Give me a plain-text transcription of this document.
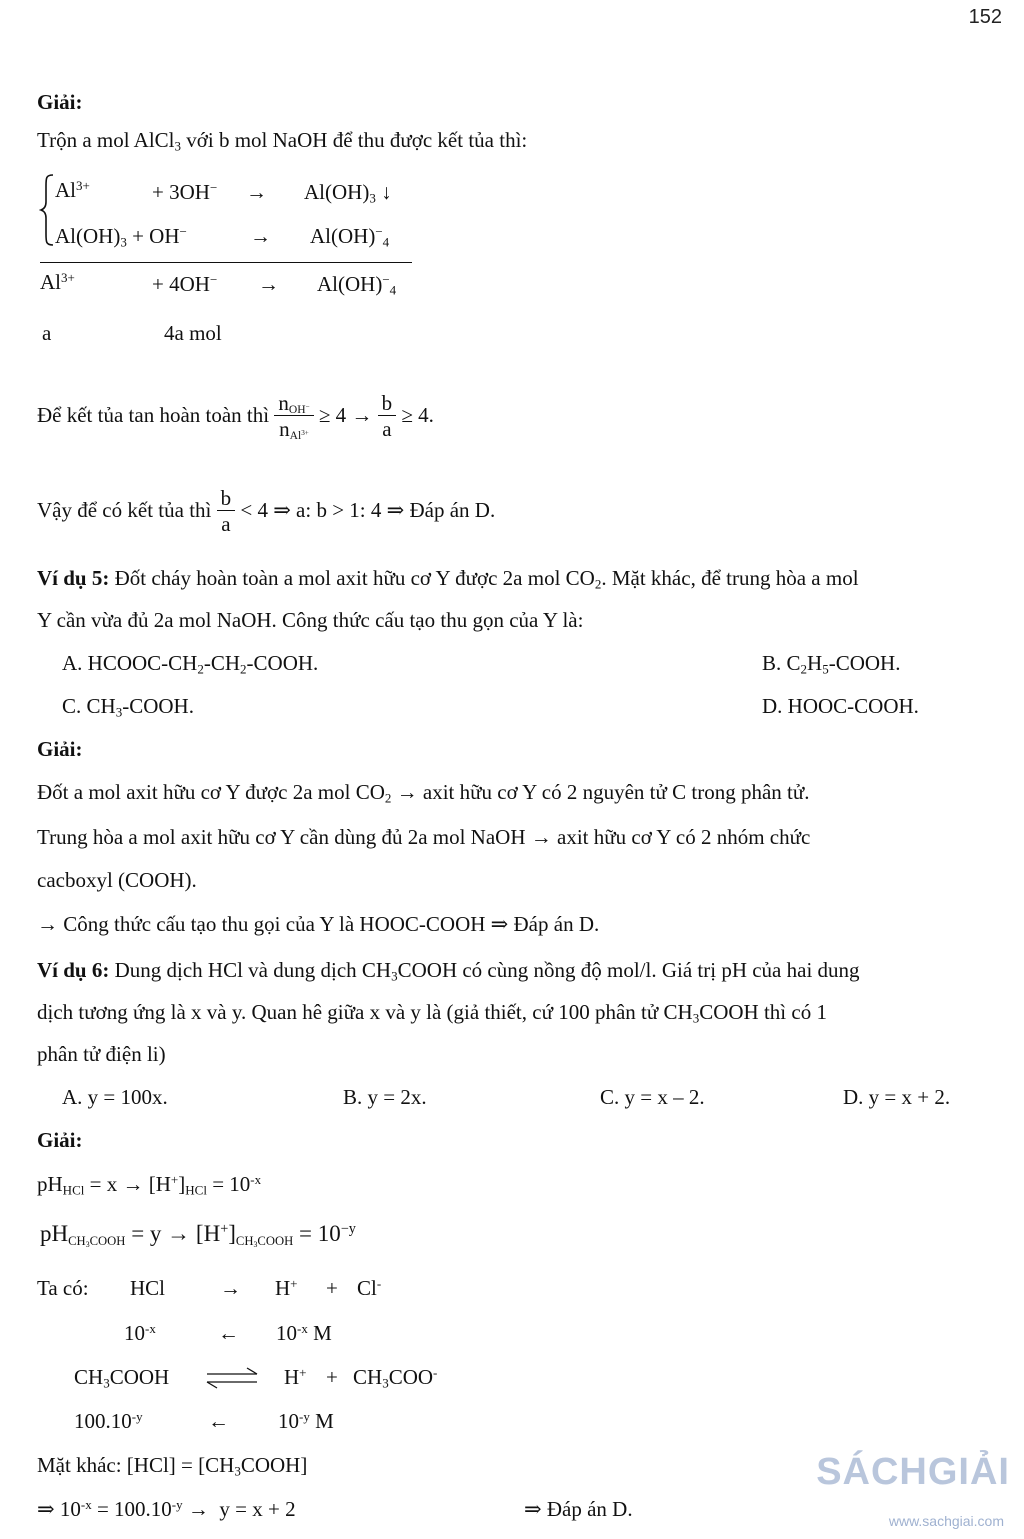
152
Giải:
Trộn a mol AlCl$_3$ với b mol NaOH để thu được kết tủa thì:
$Al^{3+}$	+ $3OH^- \to Al(OH)_3$ ↓
$Al(OH)_3 + OH^-$	→ $Al(OH)^-_4$
$Al^{3+}$	+ $4OH^- \to Al(OH)^-_4$
a	4a mol
Để kết tủa tan hoàn toàn thì $\frac{n_{OH^-}}{n_{Al^{3+}}} \ge 4 \to \frac{b}{a} \ge 4$.
Vậy để có kết tủa thì $\frac{b}{a} < 4$ ⇒ a: b > 1: 4 ⇒ Đáp án D.
Ví dụ 5: Đốt cháy hoàn toàn a mol axit hữu cơ Y được 2a mol $CO_2$. Mặt khác, để trung hòa a mol
Y cần vừa đủ 2a mol NaOH. Công thức cấu tạo thu gọn của Y là:
A. HCOOC-$CH_2-CH_2$-COOH.	B. $C_2H_5$-COOH.
C. $CH_3$-COOH.	D. HOOC-COOH.
Giải:
Đốt a mol axit hữu cơ Y được 2a mol $CO_2$ → axit hữu cơ Y có 2 nguyên tử C trong phân tử.
Trung hòa a mol axit hữu cơ Y cần dùng đủ 2a mol NaOH → axit hữu cơ Y có 2 nhóm chức
cacboxyl (COOH).
→ Công thức cấu tạo thu gọi của Y là HOOC-COOH ⇒ Đáp án D.
Ví dụ 6: Dung dịch HCl và dung dịch $CH_3COOH$ có cùng nồng độ mol/l. Giá trị pH của hai dung
dịch tương ứng là x và y. Quan hê giữa x và y là (giả thiết, cứ 100 phân tử $CH_3COOH$ thì có 1
phân tử điện li)
A. y = 100x.	B. y = 2x.	C. y = x – 2.	D. y = x + 2.
Giải:
$pH_{HCl} = x \to [H^+]_{HCl} = 10^{-x}$
$pH_{CH_3COOH} = y \to [H^+]_{CH_3COOH} = 10^{-y}$
Ta có: HCl	→ H+ + Cl-
$10^{-x}$	← $10^{-x}$ M
$CH_3COOH$ ⇌ $H^+ + CH_3COO^-$
$100.10^{-y}$	← $10^{-y}$ M
Mặt khác: $[HCl] = [CH_3COOH]$
⇒ $10^{-x} = 100.10^{-y} \to y = x + 2$	⇒ Đáp án D.
SÁCHGIẢI
www.sachgiai.com
